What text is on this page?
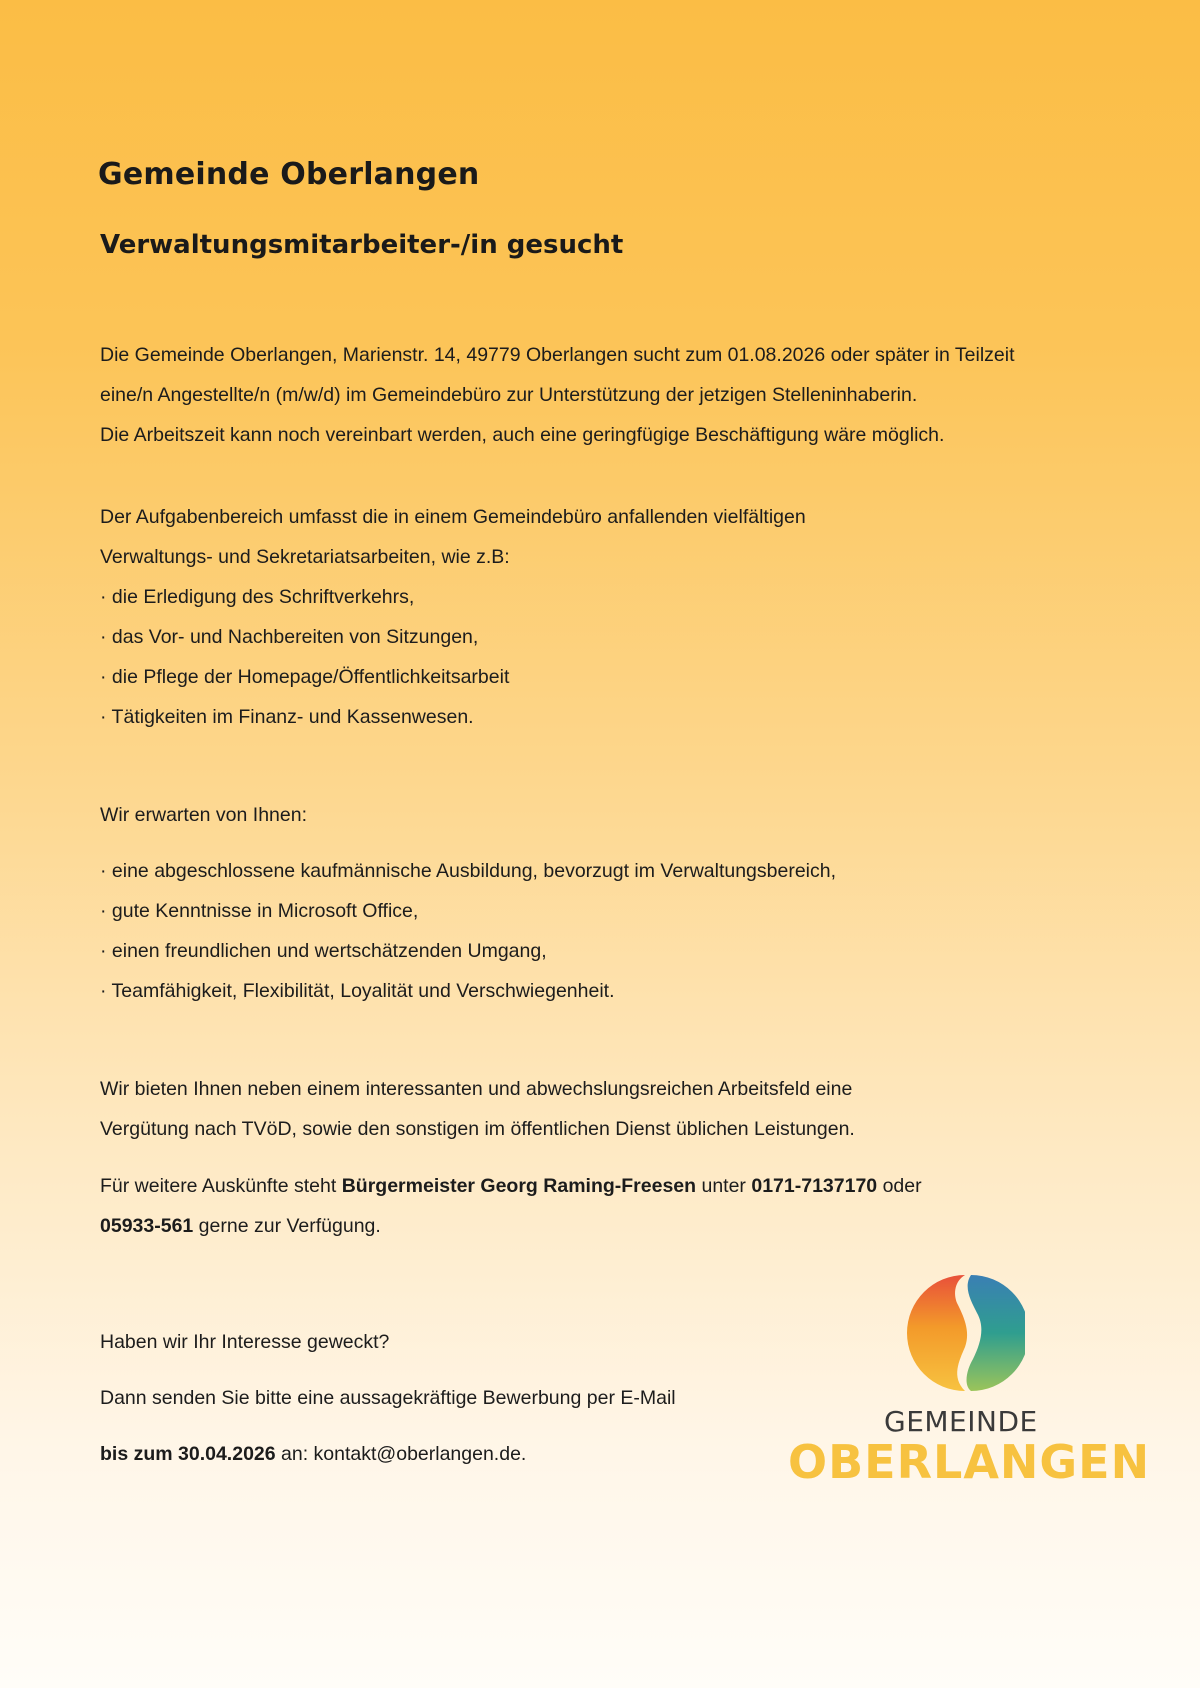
Gemeinde Oberlangen
Verwaltungsmitarbeiter-/in gesucht
Die Gemeinde Oberlangen, Marienstr. 14, 49779 Oberlangen sucht zum 01.08.2026 oder später in Teilzeit
eine/n Angestellte/n (m/w/d) im Gemeindebüro zur Unterstützung der jetzigen Stelleninhaberin.
Die Arbeitszeit kann noch vereinbart werden, auch eine geringfügige Beschäftigung wäre möglich.
Der Aufgabenbereich umfasst die in einem Gemeindebüro anfallenden vielfältigen
Verwaltungs- und Sekretariatsarbeiten, wie z.B:
· die Erledigung des Schriftverkehrs,
· das Vor- und Nachbereiten von Sitzungen,
· die Pflege der Homepage/Öffentlichkeitsarbeit
· Tätigkeiten im Finanz- und Kassenwesen.
Wir erwarten von Ihnen:
· eine abgeschlossene kaufmännische Ausbildung, bevorzugt im Verwaltungsbereich,
· gute Kenntnisse in Microsoft Office,
· einen freundlichen und wertschätzenden Umgang,
· Teamfähigkeit, Flexibilität, Loyalität und Verschwiegenheit.
Wir bieten Ihnen neben einem interessanten und abwechslungsreichen Arbeitsfeld eine
Vergütung nach TVöD, sowie den sonstigen im öffentlichen Dienst üblichen Leistungen.
Für weitere Auskünfte steht Bürgermeister Georg Raming-Freesen unter 0171-7137170 oder
05933-561 gerne zur Verfügung.
Haben wir Ihr Interesse geweckt?
Dann senden Sie bitte eine aussagekräftige Bewerbung per E-Mail
bis zum 30.04.2026 an: kontakt@oberlangen.de.
GEMEINDE
OBERLANGEN
